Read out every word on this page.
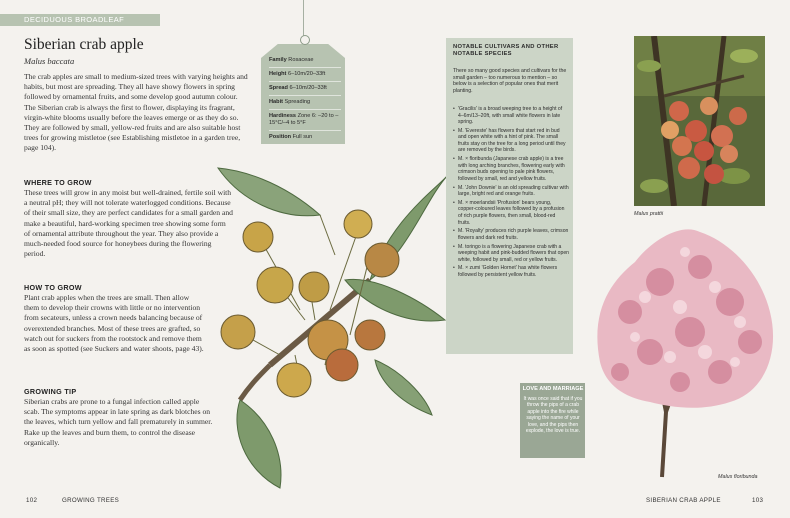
DECIDUOUS BROADLEAF
Siberian crab apple
Malus baccata
The crab apples are small to medium-sized trees with varying heights and habits, but most are spreading. They all have showy flowers in spring followed by ornamental fruits, and some develop good autumn colour. The Siberian crab is always the first to flower, displaying its fragrant, virgin-white blooms usually before the leaves emerge or as they do so. They are followed by small, yellow-red fruits and are also suitable host trees for growing mistletoe (see Establishing mistletoe in a garden tree, page 104).
WHERE TO GROW
These trees will grow in any moist but well-drained, fertile soil with a neutral pH; they will not tolerate waterlogged conditions. Because of their small size, they are perfect candidates for a small garden and make a beautiful, hard-working specimen tree showing some form of ornamental attribute throughout the year. They also provide a much-needed food source for honeybees during the flowering period.
HOW TO GROW
Plant crab apples when the trees are small. Then allow them to develop their crowns with little or no intervention from secateurs, unless a crown needs balancing because of overextended branches. Most of these trees are grafted, so watch out for suckers from the rootstock and remove them as soon as spotted (see Suckers and water shoots, page 43).
GROWING TIP
Siberian crabs are prone to a fungal infection called apple scab. The symptoms appear in late spring as dark blotches on the leaves, which turn yellow and fall prematurely in summer. Rake up the leaves and burn them, to control the disease organically.
Family Rosaceae
Height 6–10m/20–33ft
Spread 6–10m/20–33ft
Habit Spreading
Hardiness Zone 6: –20 to –15°C/–4 to 5°F
Position Full sun
NOTABLE CULTIVARS AND OTHER NOTABLE SPECIES
There so many good species and cultivars for the small garden – too numerous to mention – so below is a selection of popular ones that merit planting.
• 'Gracilis' is a broad weeping tree to a height of 4–6m/13–20ft, with small white flowers in late spring.
• M. 'Evereste' has flowers that start red in bud and open white with a hint of pink. The small fruits stay on the tree for a long period until they are removed by the birds.
• M. × floribunda (Japanese crab apple) is a tree with long arching branches, flowering early with crimson buds opening to pale pink flowers, followed by small, red and yellow fruits.
• M. 'John Downie' is an old spreading cultivar with large, bright red and orange fruits.
• M. × moerlandsii 'Profusion' bears young, copper-coloured leaves followed by a profusion of rich purple flowers, then small, blood-red fruits.
• M. 'Royalty' produces rich purple leaves, crimson flowers and dark red fruits.
• M. toringo is a flowering Japanese crab with a weeping habit and pink-budded flowers that open white, followed by small, red or yellow fruits.
• M. × zumi 'Golden Hornet' has white flowers followed by persistent yellow fruits.
LOVE AND MARRIAGE
It was once said that if you throw the pips of a crab apple into the fire while saying the name of your love, and the pips then explode, the love is true.
Malus prattii
Malus floribunda
102	GROWING TREES	SIBERIAN CRAB APPLE	103
